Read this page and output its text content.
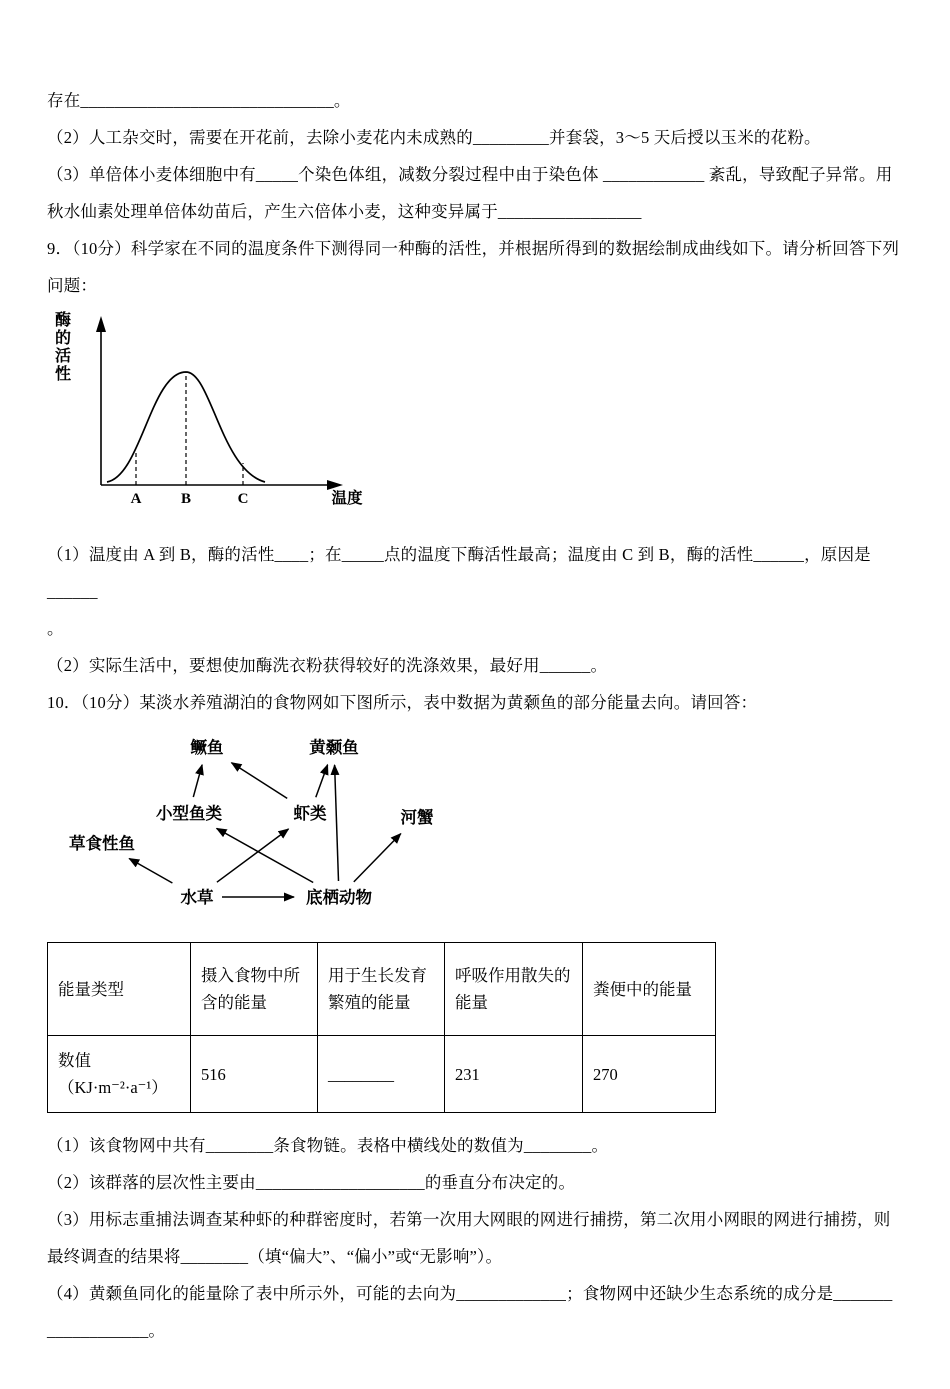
存在______________________________。

（2）人工杂交时，需要在开花前，去除小麦花内未成熟的_________并套袋，3～5 天后授以玉米的花粉。

（3）单倍体小麦体细胞中有_____个染色体组，减数分裂过程中由于染色体 ____________ 紊乱，导致配子异常。用

秋水仙素处理单倍体幼苗后，产生六倍体小麦，这种变异属于_________________

9．（10分）科学家在不同的温度条件下测得同一种酶的活性，并根据所得到的数据绘制成曲线如下。请分析回答下列

问题：

酶的活性
A	B	C	温度

（1）温度由 A 到 B，酶的活性____；在_____点的温度下酶活性最高；温度由 C 到 B，酶的活性______，原因是______

。

（2）实际生活中，要想使加酶洗衣粉获得较好的洗涤效果，最好用______。

10．（10分）某淡水养殖湖泊的食物网如下图所示，表中数据为黄颡鱼的部分能量去向。请回答：

鳜鱼	黄颡鱼
小型鱼类	虾类	河蟹
草食性鱼
水草	底栖动物
能量类型	摄入食物中所含的能量	用于生长发育繁殖的能量	呼吸作用散失的能量	粪便中的能量
数值（KJ·m⁻²·a⁻¹）	516	________	231	270

（1）该食物网中共有________条食物链。表格中横线处的数值为________。

（2）该群落的层次性主要由____________________的垂直分布决定的。

（3）用标志重捕法调查某种虾的种群密度时，若第一次用大网眼的网进行捕捞，第二次用小网眼的网进行捕捞，则

最终调查的结果将________（填“偏大”、“偏小”或“无影响”）。

（4）黄颡鱼同化的能量除了表中所示外，可能的去向为_____________；食物网中还缺少生态系统的成分是_______

____________。
